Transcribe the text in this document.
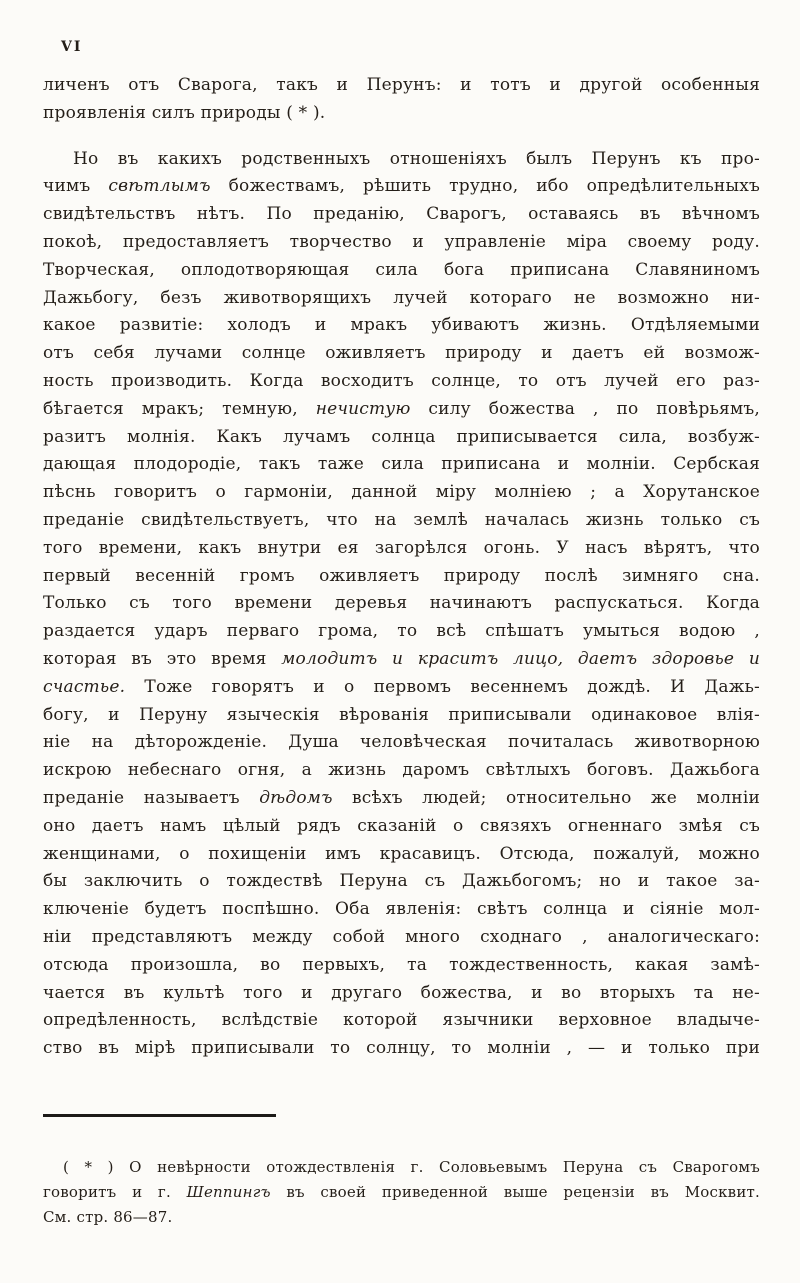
VI
личенъ отъ Сварога, такъ и Перунъ: и тотъ и другой особенныя
проявленія силъ природы ( * ).
Но въ какихъ родственныхъ отношеніяхъ былъ Перунъ къ про-
чимъ свѣтлымъ божествамъ, рѣшить трудно, ибо опредѣлительныхъ
свидѣтельствъ нѣтъ. По преданію, Сварогъ, оставаясь въ вѣчномъ
покоѣ, предоставляетъ творчество и управленіе міра своему роду.
Творческая, оплодотворяющая сила бога приписана Славяниномъ
Дажьбогу, безъ животворящихъ лучей котораго не возможно ни-
какое развитіе: холодъ и мракъ убиваютъ жизнь. Отдѣляемыми
отъ себя лучами солнце оживляетъ природу и даетъ ей возмож-
ность производить. Когда восходитъ солнце, то отъ лучей его раз-
бѣгается мракъ; темную, нечистую силу божества , по повѣрьямъ,
разитъ молнія. Какъ лучамъ солнца приписывается сила, возбуж-
дающая плодородіе, такъ таже сила приписана и молніи. Сербская
пѣснь говоритъ о гармоніи, данной міру молніею ; а Хорутанское
преданіе свидѣтельствуетъ, что на землѣ началась жизнь только съ
того времени, какъ внутри ея загорѣлся огонь. У насъ вѣрятъ, что
первый весенній громъ оживляетъ природу послѣ зимняго сна.
Только съ того времени деревья начинаютъ распускаться. Когда
раздается ударъ перваго грома, то всѣ спѣшатъ умыться водою ,
которая въ это время молодитъ и краситъ лицо, даетъ здоровье и
счастье. Тоже говорятъ и о первомъ весеннемъ дождѣ. И Дажь-
богу, и Перуну языческія вѣрованія приписывали одинаковое влія-
ніе на дѣторожденіе. Душа человѣческая почиталась животворною
искрою небеснаго огня, а жизнь даромъ свѣтлыхъ боговъ. Дажьбога
преданіе называетъ дѣдомъ всѣхъ людей; относительно же молніи
оно даетъ намъ цѣлый рядъ сказаній о связяхъ огненнаго змѣя съ
женщинами, о похищеніи имъ красавицъ. Отсюда, пожалуй, можно
бы заключить о тождествѣ Перуна съ Дажьбогомъ; но и такое за-
ключеніе будетъ поспѣшно. Оба явленія: свѣтъ солнца и сіяніе мол-
ніи представляютъ между собой много сходнаго , аналогическаго:
отсюда произошла, во первыхъ, та тождественность, какая замѣ-
чается въ культѣ того и другаго божества, и во вторыхъ та не-
опредѣленность, вслѣдствіе которой язычники верховное владыче-
ство въ мірѣ приписывали то солнцу, то молніи , — и только при
( * ) О невѣрности отождествленія г. Соловьевымъ Перуна съ Сварогомъ
говоритъ и г. Шеппингъ въ своей приведенной выше рецензіи въ Москвит.
См. стр. 86—87.
